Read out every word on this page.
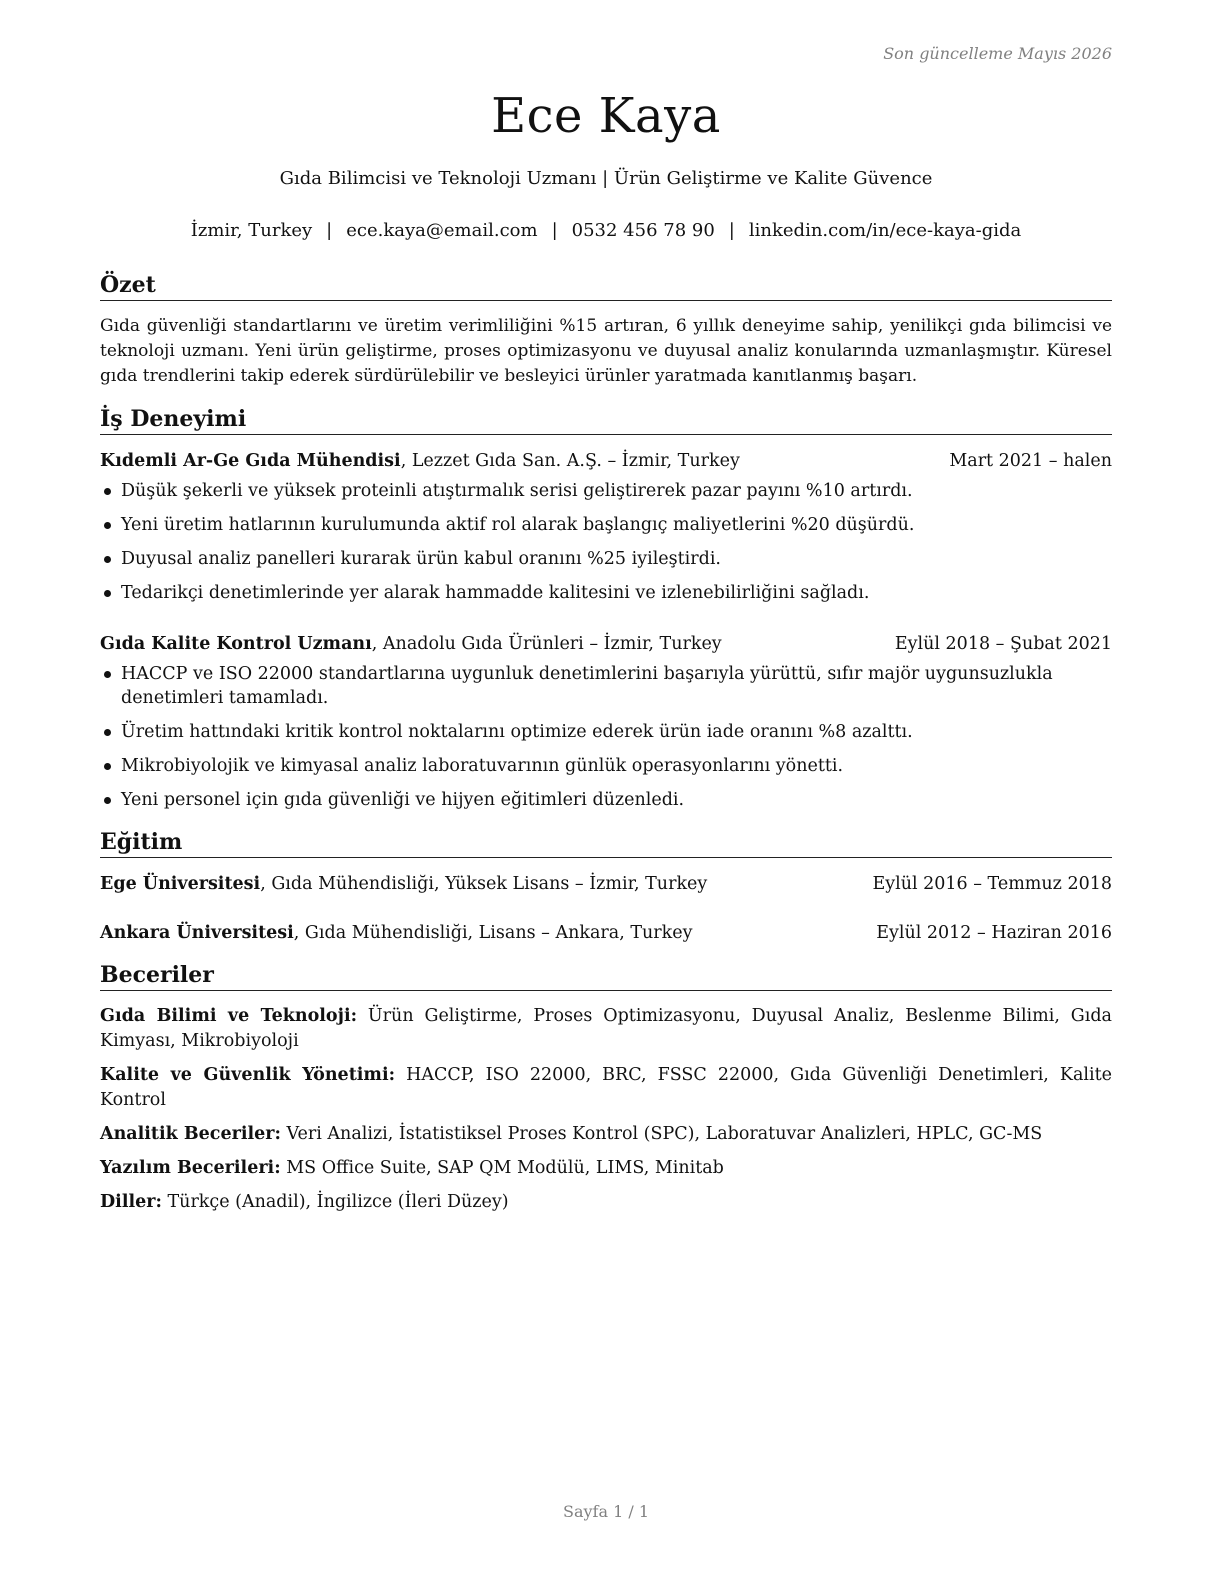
Son güncelleme Mayıs 2026
Ece Kaya
Gıda Bilimcisi ve Teknoloji Uzmanı | Ürün Geliştirme ve Kalite Güvence
İzmir, Turkey | ece.kaya@email.com | 0532 456 78 90 | linkedin.com/in/ece-kaya-gida
Özet
Gıda güvenliği standartlarını ve üretim verimliliğini %15 artıran, 6 yıllık deneyime sahip, yenilikçi gıda bilimcisi ve teknoloji uzmanı. Yeni ürün geliştirme, proses optimizasyonu ve duyusal analiz konularında uzmanlaşmıştır. Küresel gıda trendlerini takip ederek sürdürülebilir ve besleyici ürünler yaratmada kanıtlanmış başarı.
İş Deneyimi
Kıdemli Ar-Ge Gıda Mühendisi, Lezzet Gıda San. A.Ş. – İzmir, Turkey	Mart 2021 – halen
Düşük şekerli ve yüksek proteinli atıştırmalık serisi geliştirerek pazar payını %10 artırdı.
Yeni üretim hatlarının kurulumunda aktif rol alarak başlangıç maliyetlerini %20 düşürdü.
Duyusal analiz panelleri kurarak ürün kabul oranını %25 iyileştirdi.
Tedarikçi denetimlerinde yer alarak hammadde kalitesini ve izlenebilirliğini sağladı.
Gıda Kalite Kontrol Uzmanı, Anadolu Gıda Ürünleri – İzmir, Turkey	Eylül 2018 – Şubat 2021
HACCP ve ISO 22000 standartlarına uygunluk denetimlerini başarıyla yürüttü, sıfır majör uygunsuzlukla denetimleri tamamladı.
Üretim hattındaki kritik kontrol noktalarını optimize ederek ürün iade oranını %8 azalttı.
Mikrobiyolojik ve kimyasal analiz laboratuvarının günlük operasyonlarını yönetti.
Yeni personel için gıda güvenliği ve hijyen eğitimleri düzenledi.
Eğitim
Ege Üniversitesi, Gıda Mühendisliği, Yüksek Lisans – İzmir, Turkey	Eylül 2016 – Temmuz 2018
Ankara Üniversitesi, Gıda Mühendisliği, Lisans – Ankara, Turkey	Eylül 2012 – Haziran 2016
Beceriler

Gıda Bilimi ve Teknoloji: Ürün Geliştirme, Proses Optimizasyonu, Duyusal Analiz, Beslenme Bilimi, Gıda Kimyası, Mikrobiyoloji

Kalite ve Güvenlik Yönetimi: HACCP, ISO 22000, BRC, FSSC 22000, Gıda Güvenliği Denetimleri, Kalite Kontrol

Analitik Beceriler: Veri Analizi, İstatistiksel Proses Kontrol (SPC), Laboratuvar Analizleri, HPLC, GC-MS

Yazılım Becerileri: MS Office Suite, SAP QM Modülü, LIMS, Minitab

Diller: Türkçe (Anadil), İngilizce (İleri Düzey)

Sayfa 1 / 1
